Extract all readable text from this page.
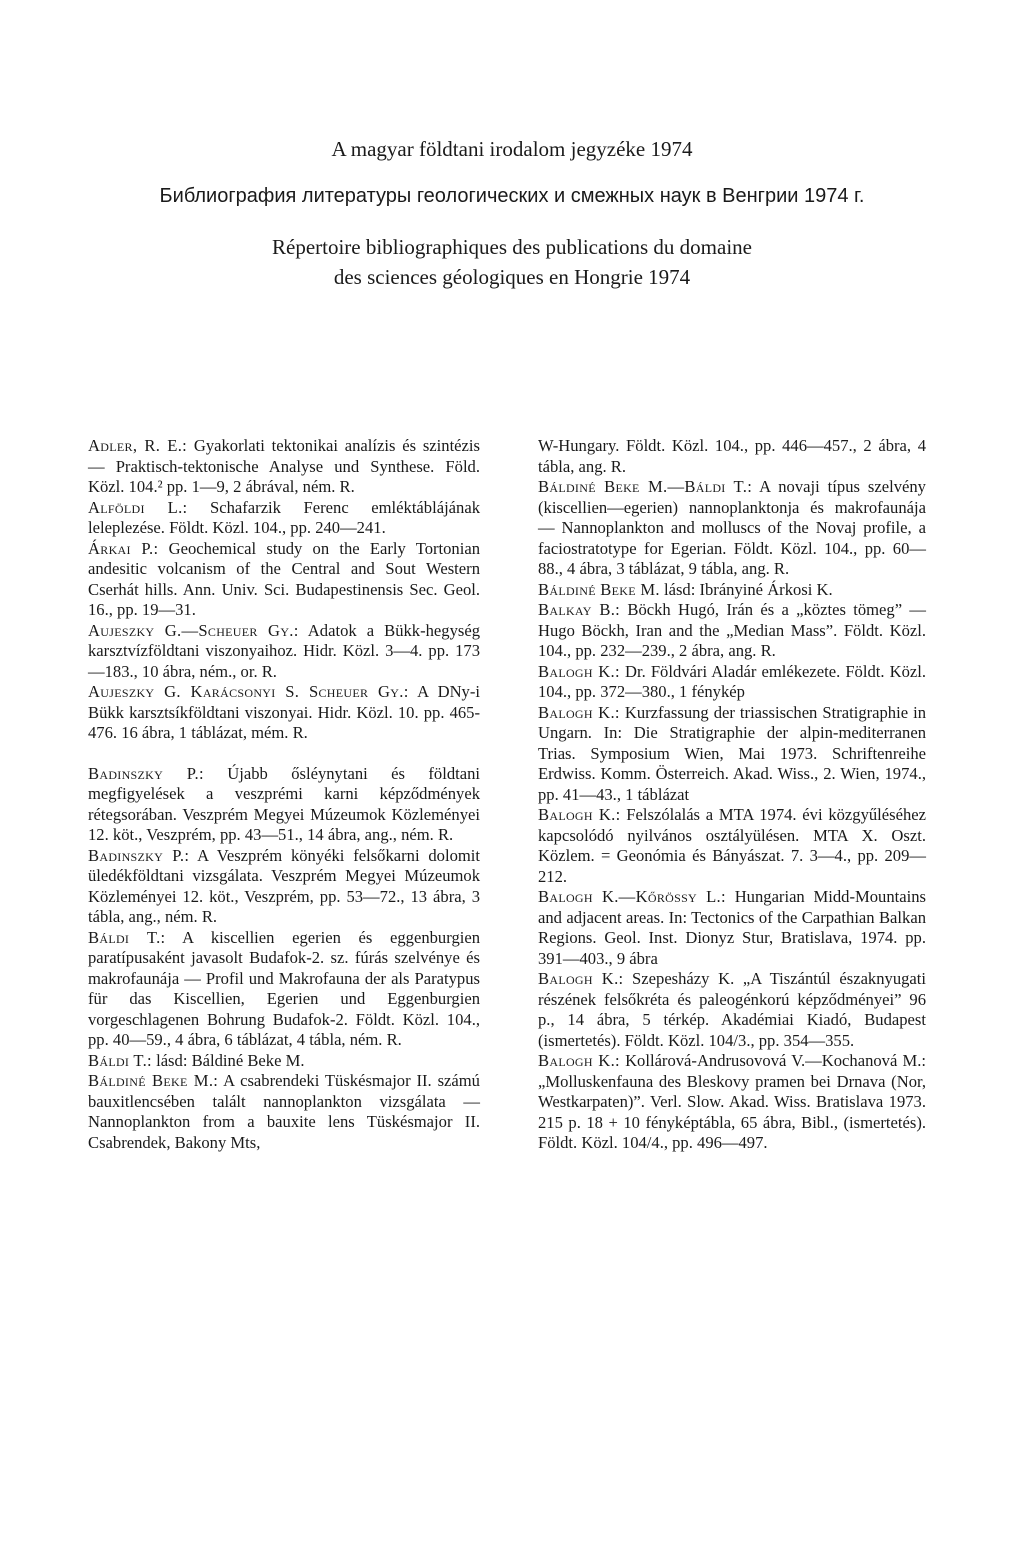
A magyar földtani irodalom jegyzéke 1974
Библиография литературы геологических и смежных наук в Венгрии 1974 г.
Répertoire bibliographiques des publications du domaine
des sciences géologiques en Hongrie 1974

Adler, R. E.: Gyakorlati tektonikai analízis és szintézis — Praktisch-tektonische Analyse und Synthese. Föld. Közl. 104.² pp. 1—9, 2 ábrával, ném. R.

Alföldi L.: Schafarzik Ferenc emléktáblájának leleplezése. Földt. Közl. 104., pp. 240—241.

Árkai P.: Geochemical study on the Early Tortonian andesitic volcanism of the Central and Sout Western Cserhát hills. Ann. Univ. Sci. Budapestinensis Sec. Geol. 16., pp. 19—31.

Aujeszky G.—Scheuer Gy.: Adatok a Bükk-hegység karsztvízföldtani viszonyaihoz. Hidr. Közl. 3—4. pp. 173—183., 10 ábra, ném., or. R.

Aujeszky G. Karácsonyi S. Scheuer Gy.: A DNy-i Bükk karsztsíkföldtani viszonyai. Hidr. Közl. 10. pp. 465-476. 16 ábra, 1 táblázat, mém. R.

Badinszky P.: Újabb ősléynytani és földtani megfigyelések a veszprémi karni képződmények rétegsorában. Veszprém Megyei Múzeumok Közleményei 12. köt., Veszprém, pp. 43—51., 14 ábra, ang., ném. R.

Badinszky P.: A Veszprém könyéki felsőkarni dolomit üledékföldtani vizsgálata. Veszprém Megyei Múzeumok Közleményei 12. köt., Veszprém, pp. 53—72., 13 ábra, 3 tábla, ang., ném. R.

Báldi T.: A kiscellien egerien és eggenburgien paratípusaként javasolt Budafok-2. sz. fúrás szelvénye és makrofaunája — Profil und Makrofauna der als Paratypus für das Kiscellien, Egerien und Eggenburgien vorgeschlagenen Bohrung Budafok-2. Földt. Közl. 104., pp. 40—59., 4 ábra, 6 táblázat, 4 tábla, ném. R.

Báldi T.: lásd: Báldiné Beke M.

Báldiné Beke M.: A csabrendeki Tüskésmajor II. számú bauxitlencsében talált nannoplankton vizsgálata — Nannoplankton from a bauxite lens Tüskésmajor II. Csabrendek, Bakony Mts,

W-Hungary. Földt. Közl. 104., pp. 446—457., 2 ábra, 4 tábla, ang. R.

Báldiné Beke M.—Báldi T.: A novaji típus szelvény (kiscellien—egerien) nannoplanktonja és makrofaunája — Nannoplankton and molluscs of the Novaj profile, a faciostratotype for Egerian. Földt. Közl. 104., pp. 60—88., 4 ábra, 3 táblázat, 9 tábla, ang. R.

Báldiné Beke M. lásd: Ibrányiné Árkosi K.

Balkay B.: Böckh Hugó, Irán és a „köztes tömeg” — Hugo Böckh, Iran and the „Median Mass”. Földt. Közl. 104., pp. 232—239., 2 ábra, ang. R.

Balogh K.: Dr. Földvári Aladár emlékezete. Földt. Közl. 104., pp. 372—380., 1 fénykép

Balogh K.: Kurzfassung der triassischen Stratigraphie in Ungarn. In: Die Stratigraphie der alpin-mediterranen Trias. Symposium Wien, Mai 1973. Schriftenreihe Erdwiss. Komm. Österreich. Akad. Wiss., 2. Wien, 1974., pp. 41—43., 1 táblázat

Balogh K.: Felszólalás a MTA 1974. évi közgyűléséhez kapcsolódó nyilvános osztályülésen. MTA X. Oszt. Közlem. = Geonómia és Bányászat. 7. 3—4., pp. 209—212.

Balogh K.—Kőrössy L.: Hungarian Midd-Mountains and adjacent areas. In: Tectonics of the Carpathian Balkan Regions. Geol. Inst. Dionyz Stur, Bratislava, 1974. pp. 391—403., 9 ábra

Balogh K.: Szepesházy K. „A Tiszántúl északnyugati részének felsőkréta és paleogénkorú képződményei” 96 p., 14 ábra, 5 térkép. Akadémiai Kiadó, Budapest (ismertetés). Földt. Közl. 104/3., pp. 354—355.

Balogh K.: Kollárová-Andrusovová V.—Kochanová M.: „Molluskenfauna des Bleskovy pramen bei Drnava (Nor, Westkarpaten)”. Verl. Slow. Akad. Wiss. Bratislava 1973. 215 p. 18 + 10 fényképtábla, 65 ábra, Bibl., (ismertetés). Földt. Közl. 104/4., pp. 496—497.
